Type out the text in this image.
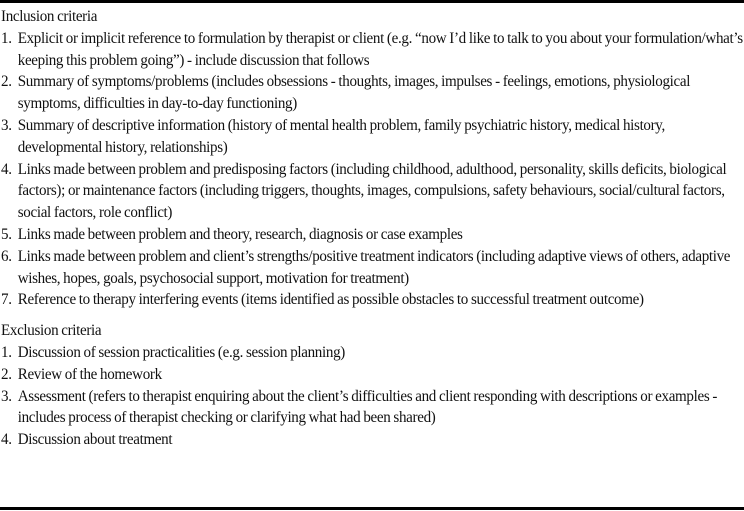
Inclusion criteria

1. Explicit or implicit reference to formulation by therapist or client (e.g. “now I’d like to talk to you about your formulation/what’s keeping this problem going”) - include discussion that follows
2. Summary of symptoms/problems (includes obsessions - thoughts, images, impulses - feelings, emotions, physiological symptoms, difficulties in day-to-day functioning)
3. Summary of descriptive information (history of mental health problem, family psychiatric history, medical history, developmental history, relationships)
4. Links made between problem and predisposing factors (including childhood, adulthood, personality, skills deficits, biological factors); or maintenance factors (including triggers, thoughts, images, compulsions, safety behaviours, social/cultural factors, social factors, role conflict)
5. Links made between problem and theory, research, diagnosis or case examples
6. Links made between problem and client’s strengths/positive treatment indicators (including adaptive views of others, adaptive wishes, hopes, goals, psychosocial support, motivation for treatment)
7. Reference to therapy interfering events (items identified as possible obstacles to successful treatment outcome)

Exclusion criteria

1. Discussion of session practicalities (e.g. session planning)
2. Review of the homework
3. Assessment (refers to therapist enquiring about the client’s difficulties and client responding with descriptions or examples - includes process of therapist checking or clarifying what had been shared)
4. Discussion about treatment
